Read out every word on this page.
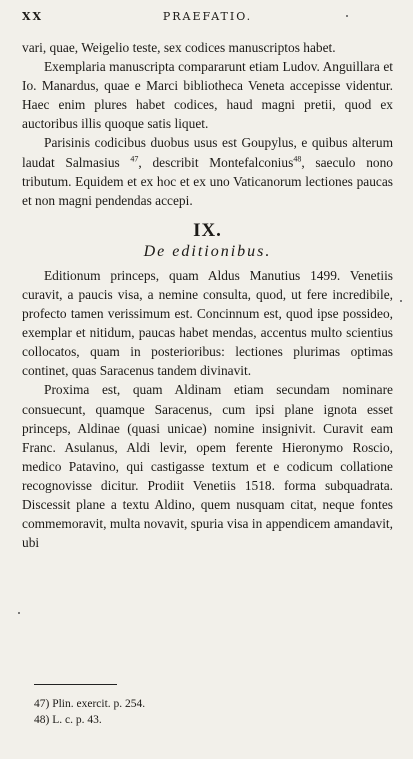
XX	PRAEFATIO.

vari, quae, Weigelio teste, sex codices manuscriptos habet.

Exemplaria manuscripta compararunt etiam Ludov. Anguillara et Io. Manardus, quae e Marci bibliotheca Veneta accepisse videntur. Haec enim plures habet codices, haud magni pretii, quod ex auctoribus illis quoque satis liquet.

Parisinis codicibus duobus usus est Goupylus, e quibus alterum laudat Salmasius $^{47}$, describit Montefalconius$^{48}$, saeculo nono tributum. Equidem et ex hoc et ex uno Vaticanorum lectiones paucas et non magni pendendas accepi.

IX.
De editionibus.

Editionum princeps, quam Aldus Manutius 1499. Venetiis curavit, a paucis visa, a nemine consulta, quod, ut fere incredibile, profecto tamen verissimum est. Concinnum est, quod ipse possideo, exemplar et nitidum, paucas habet mendas, accentus multo scientius collocatos, quam in posterioribus: lectiones plurimas optimas continet, quas Saracenus tandem divinavit.

Proxima est, quam Aldinam etiam secundam nominare consuecunt, quamque Saracenus, cum ipsi plane ignota esset princeps, Aldinae (quasi unicae) nomine insignivit. Curavit eam Franc. Asulanus, Aldi levir, opem ferente Hieronymo Roscio, medico Patavino, qui castigasse textum et e codicum collatione recognovisse dicitur. Prodiit Venetiis 1518. forma subquadrata. Discessit plane a textu Aldino, quem nusquam citat, neque fontes commemoravit, multa novavit, spuria visa in appendicem amandavit, ubi

47) Plin. exercit. p. 254.
48) L. c. p. 43.
